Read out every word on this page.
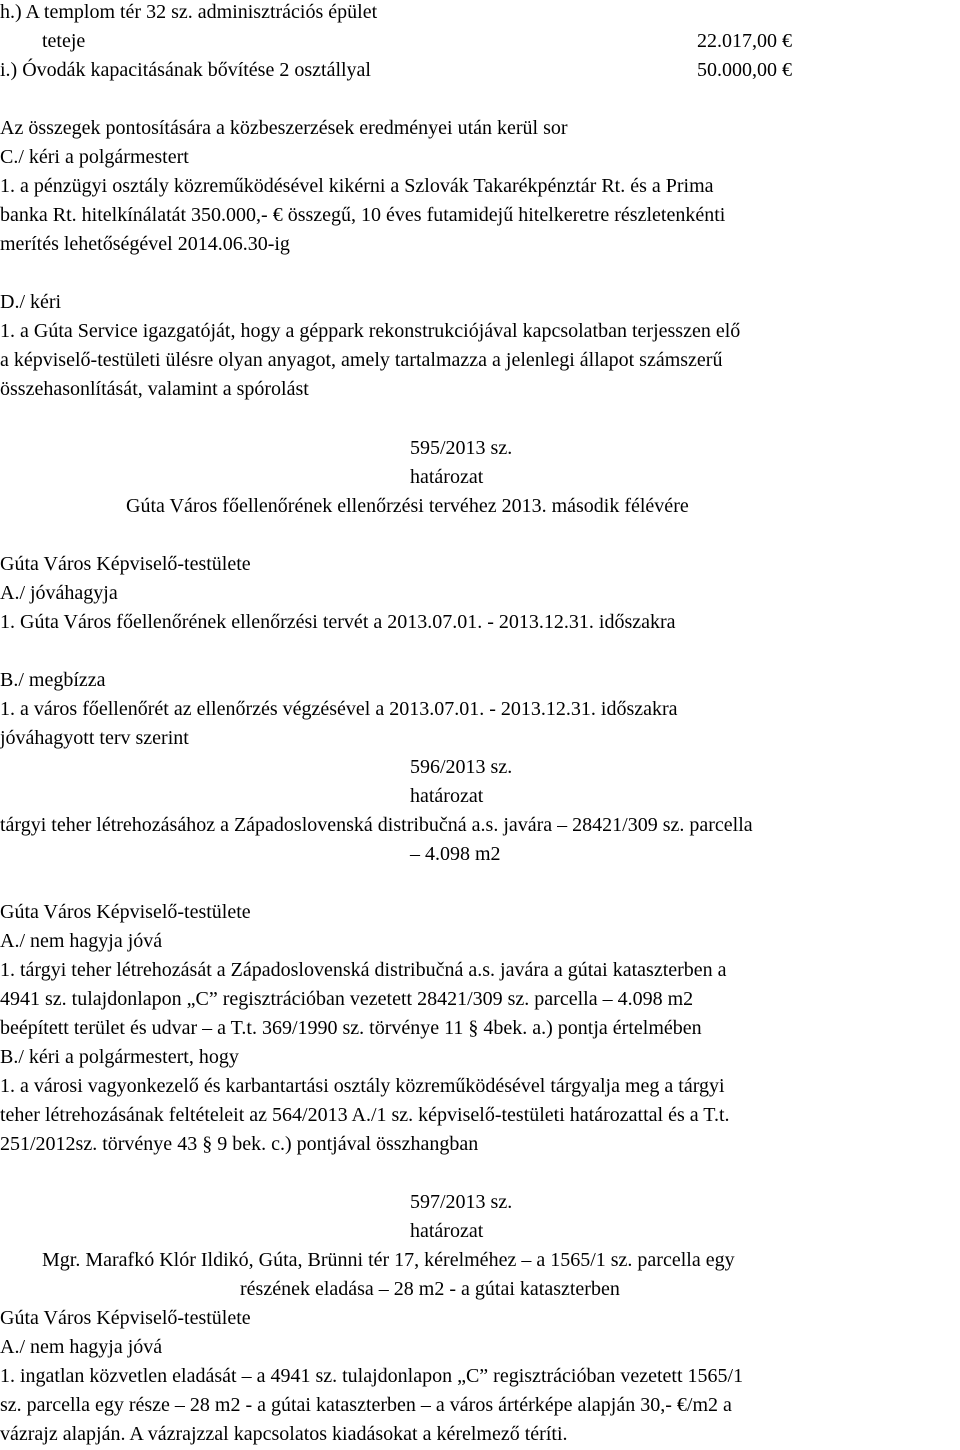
h.) A templom tér 32 sz. adminisztrációs épület
teteje	22.017,00 €
i.) Óvodák kapacitásának bővítése 2 osztállyal	50.000,00 €
Az összegek pontosítására a közbeszerzések eredményei után kerül sor
C./ kéri a polgármestert
1. a pénzügyi osztály közreműködésével kikérni a Szlovák Takarékpénztár Rt. és a Prima
banka Rt. hitelkínálatát 350.000,- € összegű, 10 éves futamidejű hitelkeretre részletenkénti
merítés lehetőségével 2014.06.30-ig
D./ kéri
1. a Gúta Service igazgatóját, hogy a géppark rekonstrukciójával kapcsolatban terjesszen elő
a képviselő-testületi ülésre olyan anyagot, amely tartalmazza a jelenlegi állapot számszerű
összehasonlítását, valamint a spórolást
595/2013 sz.
határozat
Gúta Város főellenőrének ellenőrzési tervéhez 2013. második félévére
Gúta Város Képviselő-testülete
A./ jóváhagyja
1. Gúta Város főellenőrének ellenőrzési tervét a 2013.07.01. - 2013.12.31. időszakra
B./ megbízza
1. a város főellenőrét az ellenőrzés végzésével a 2013.07.01. - 2013.12.31. időszakra
jóváhagyott terv szerint
596/2013 sz.
határozat
tárgyi teher létrehozásához a Západoslovenská distribučná a.s. javára – 28421/309 sz. parcella
– 4.098 m2
Gúta Város Képviselő-testülete
A./ nem hagyja jóvá
1. tárgyi teher létrehozását a Západoslovenská distribučná a.s. javára a gútai kataszterben a
4941 sz. tulajdonlapon „C” regisztrációban vezetett 28421/309 sz. parcella – 4.098 m2
beépített terület és udvar – a T.t. 369/1990 sz. törvénye 11 § 4bek. a.) pontja értelmében
B./ kéri a polgármestert, hogy
1. a városi vagyonkezelő és karbantartási osztály közreműködésével tárgyalja meg a tárgyi
teher létrehozásának feltételeit az 564/2013 A./1 sz. képviselő-testületi határozattal és a T.t.
251/2012sz. törvénye 43 § 9 bek. c.) pontjával összhangban
597/2013 sz.
határozat
Mgr. Marafkó Klór Ildikó, Gúta, Brünni tér 17, kérelméhez – a 1565/1 sz. parcella egy
részének eladása – 28 m2 - a gútai kataszterben
Gúta Város Képviselő-testülete
A./ nem hagyja jóvá
1. ingatlan közvetlen eladását – a 4941 sz. tulajdonlapon „C” regisztrációban vezetett 1565/1
sz. parcella egy része – 28 m2 - a gútai kataszterben – a város ártérképe alapján 30,- €/m2 a
vázrajz alapján. A vázrajzzal kapcsolatos kiadásokat a kérelmező téríti.
